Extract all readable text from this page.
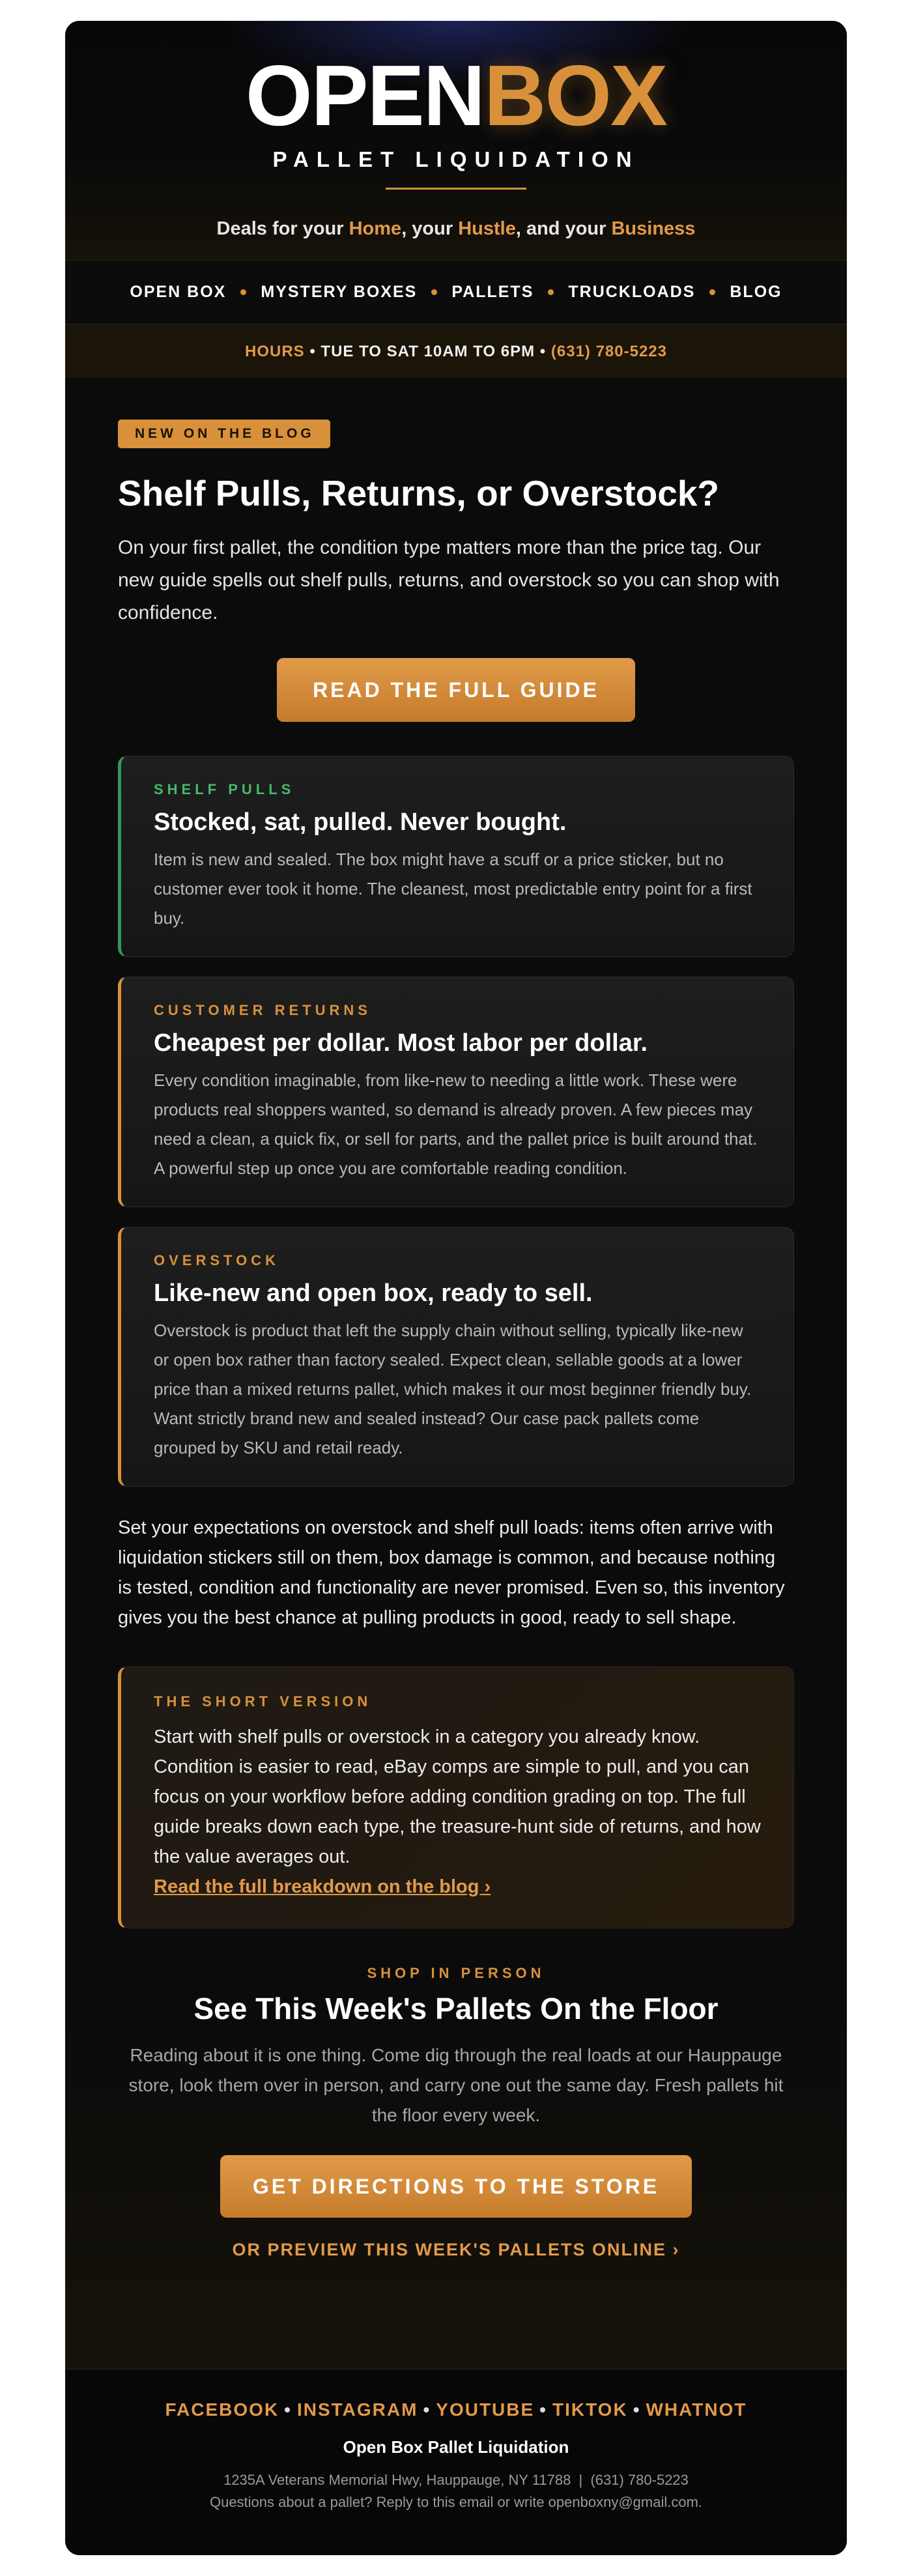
OPENBOX
PALLET LIQUIDATION
Deals for your Home, your Hustle, and your Business
OPEN BOX MYSTERY BOXES PALLETS TRUCKLOADS BLOG
HOURS • TUE TO SAT 10AM TO 6PM • (631) 780-5223
NEW ON THE BLOG
Shelf Pulls, Returns, or Overstock?

On your first pallet, the condition type matters more than the price tag. Our new guide spells out shelf pulls, returns, and overstock so you can shop with confidence.

READ THE FULL GUIDE
SHELF PULLS
Stocked, sat, pulled. Never bought.
Item is new and sealed. The box might have a scuff or a price sticker, but no customer ever took it home. The cleanest, most predictable entry point for a first buy.
CUSTOMER RETURNS
Cheapest per dollar. Most labor per dollar.
Every condition imaginable, from like-new to needing a little work. These were products real shoppers wanted, so demand is already proven. A few pieces may need a clean, a quick fix, or sell for parts, and the pallet price is built around that. A powerful step up once you are comfortable reading condition.
OVERSTOCK
Like-new and open box, ready to sell.
Overstock is product that left the supply chain without selling, typically like-new or open box rather than factory sealed. Expect clean, sellable goods at a lower price than a mixed returns pallet, which makes it our most beginner friendly buy. Want strictly brand new and sealed instead? Our case pack pallets come grouped by SKU and retail ready.

Set your expectations on overstock and shelf pull loads: items often arrive with liquidation stickers still on them, box damage is common, and because nothing is tested, condition and functionality are never promised. Even so, this inventory gives you the best chance at pulling products in good, ready to sell shape.

THE SHORT VERSION
Start with shelf pulls or overstock in a category you already know. Condition is easier to read, eBay comps are simple to pull, and you can focus on your workflow before adding condition grading on top. The full guide breaks down each type, the treasure-hunt side of returns, and how the value averages out.
Read the full breakdown on the blog ›
SHOP IN PERSON
See This Week's Pallets On the Floor
Reading about it is one thing. Come dig through the real loads at our Hauppauge store, look them over in person, and carry one out the same day. Fresh pallets hit the floor every week.
GET DIRECTIONS TO THE STORE
OR PREVIEW THIS WEEK'S PALLETS ONLINE ›
FACEBOOK • INSTAGRAM • YOUTUBE • TIKTOK • WHATNOT
Open Box Pallet Liquidation
1235A Veterans Memorial Hwy, Hauppauge, NY 11788  |  (631) 780-5223
Questions about a pallet? Reply to this email or write openboxny@gmail.com.
